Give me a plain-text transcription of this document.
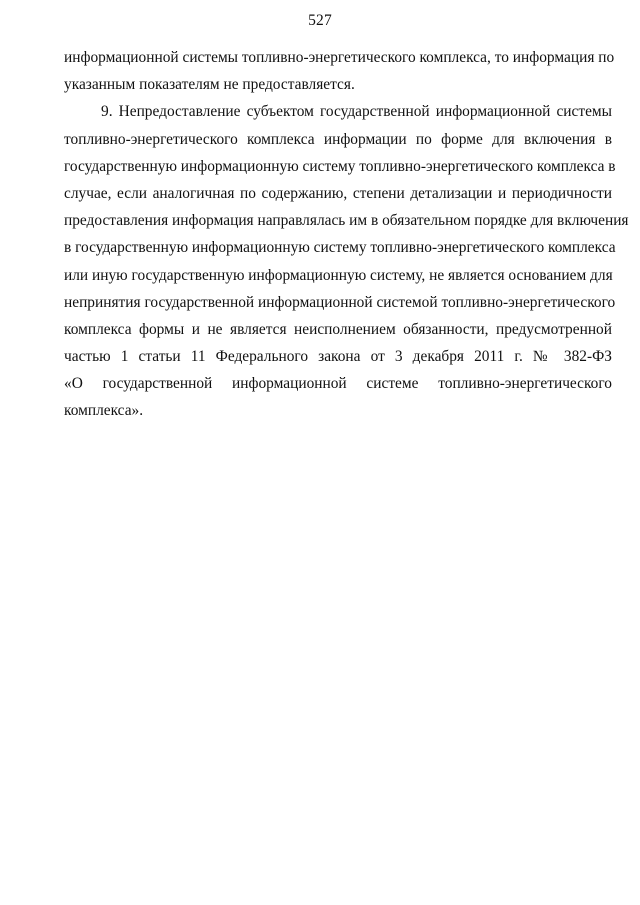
527
информационной системы топливно-энергетического комплекса, то информация по
указанным показателям не предоставляется.
9. Непредоставление субъектом государственной информационной системы
топливно-энергетического комплекса информации по форме для включения в
государственную информационную систему топливно-энергетического комплекса в
случае, если аналогичная по содержанию, степени детализации и периодичности
предоставления информация направлялась им в обязательном порядке для включения
в государственную информационную систему топливно-энергетического комплекса
или иную государственную информационную систему, не является основанием для
непринятия государственной информационной системой топливно-энергетического
комплекса формы и не является неисполнением обязанности, предусмотренной
частью 1 статьи 11 Федерального закона от 3 декабря 2011 г. № 382-ФЗ
«О государственной информационной системе топливно-энергетического
комплекса».
